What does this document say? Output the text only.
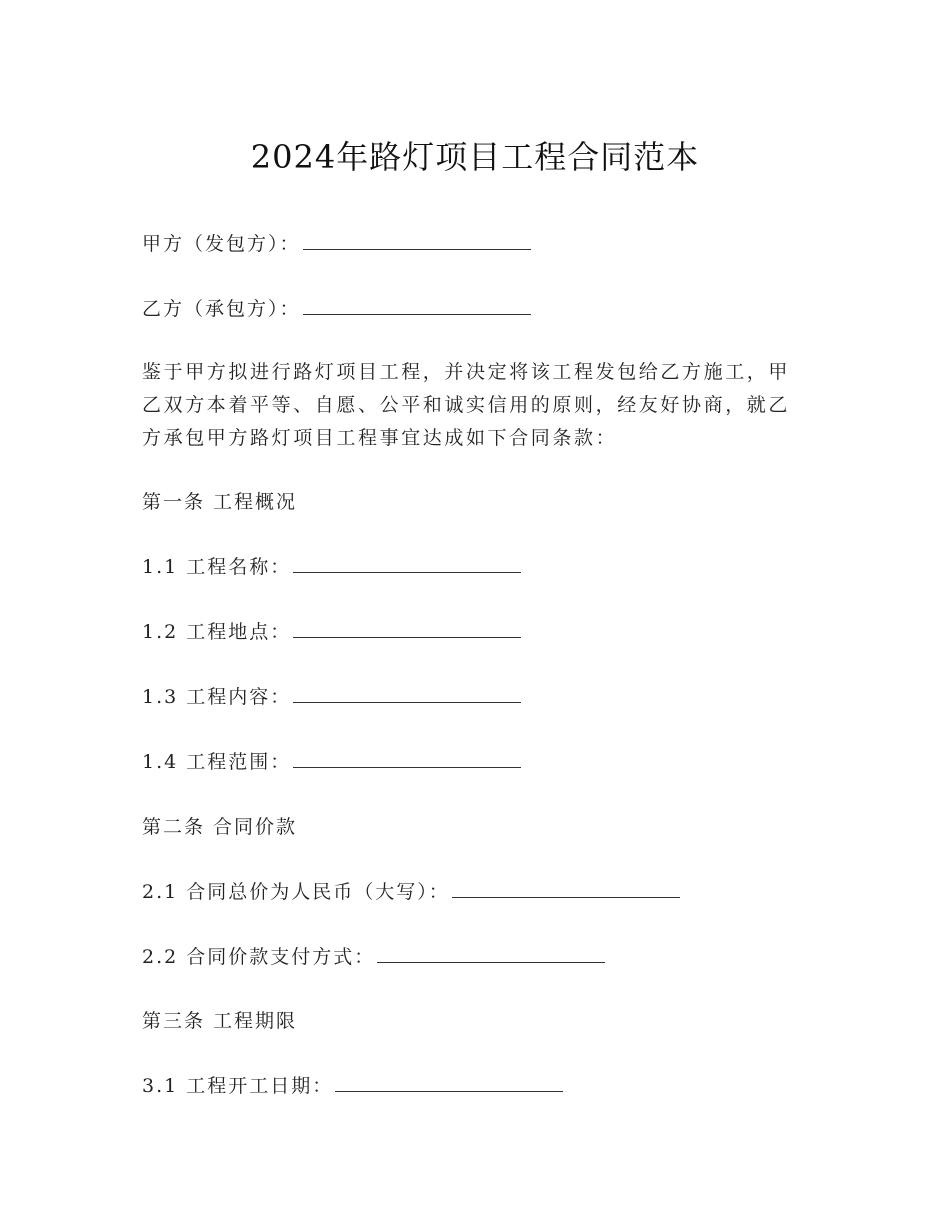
2024年路灯项目工程合同范本
甲方（发包方）：
乙方（承包方）：
鉴于甲方拟进行路灯项目工程，并决定将该工程发包给乙方施工，甲
乙双方本着平等、自愿、公平和诚实信用的原则，经友好协商，就乙
方承包甲方路灯项目工程事宜达成如下合同条款：
第一条 工程概况
1.1 工程名称：
1.2 工程地点：
1.3 工程内容：
1.4 工程范围：
第二条 合同价款
2.1 合同总价为人民币（大写）：
2.2 合同价款支付方式：
第三条 工程期限
3.1 工程开工日期：
